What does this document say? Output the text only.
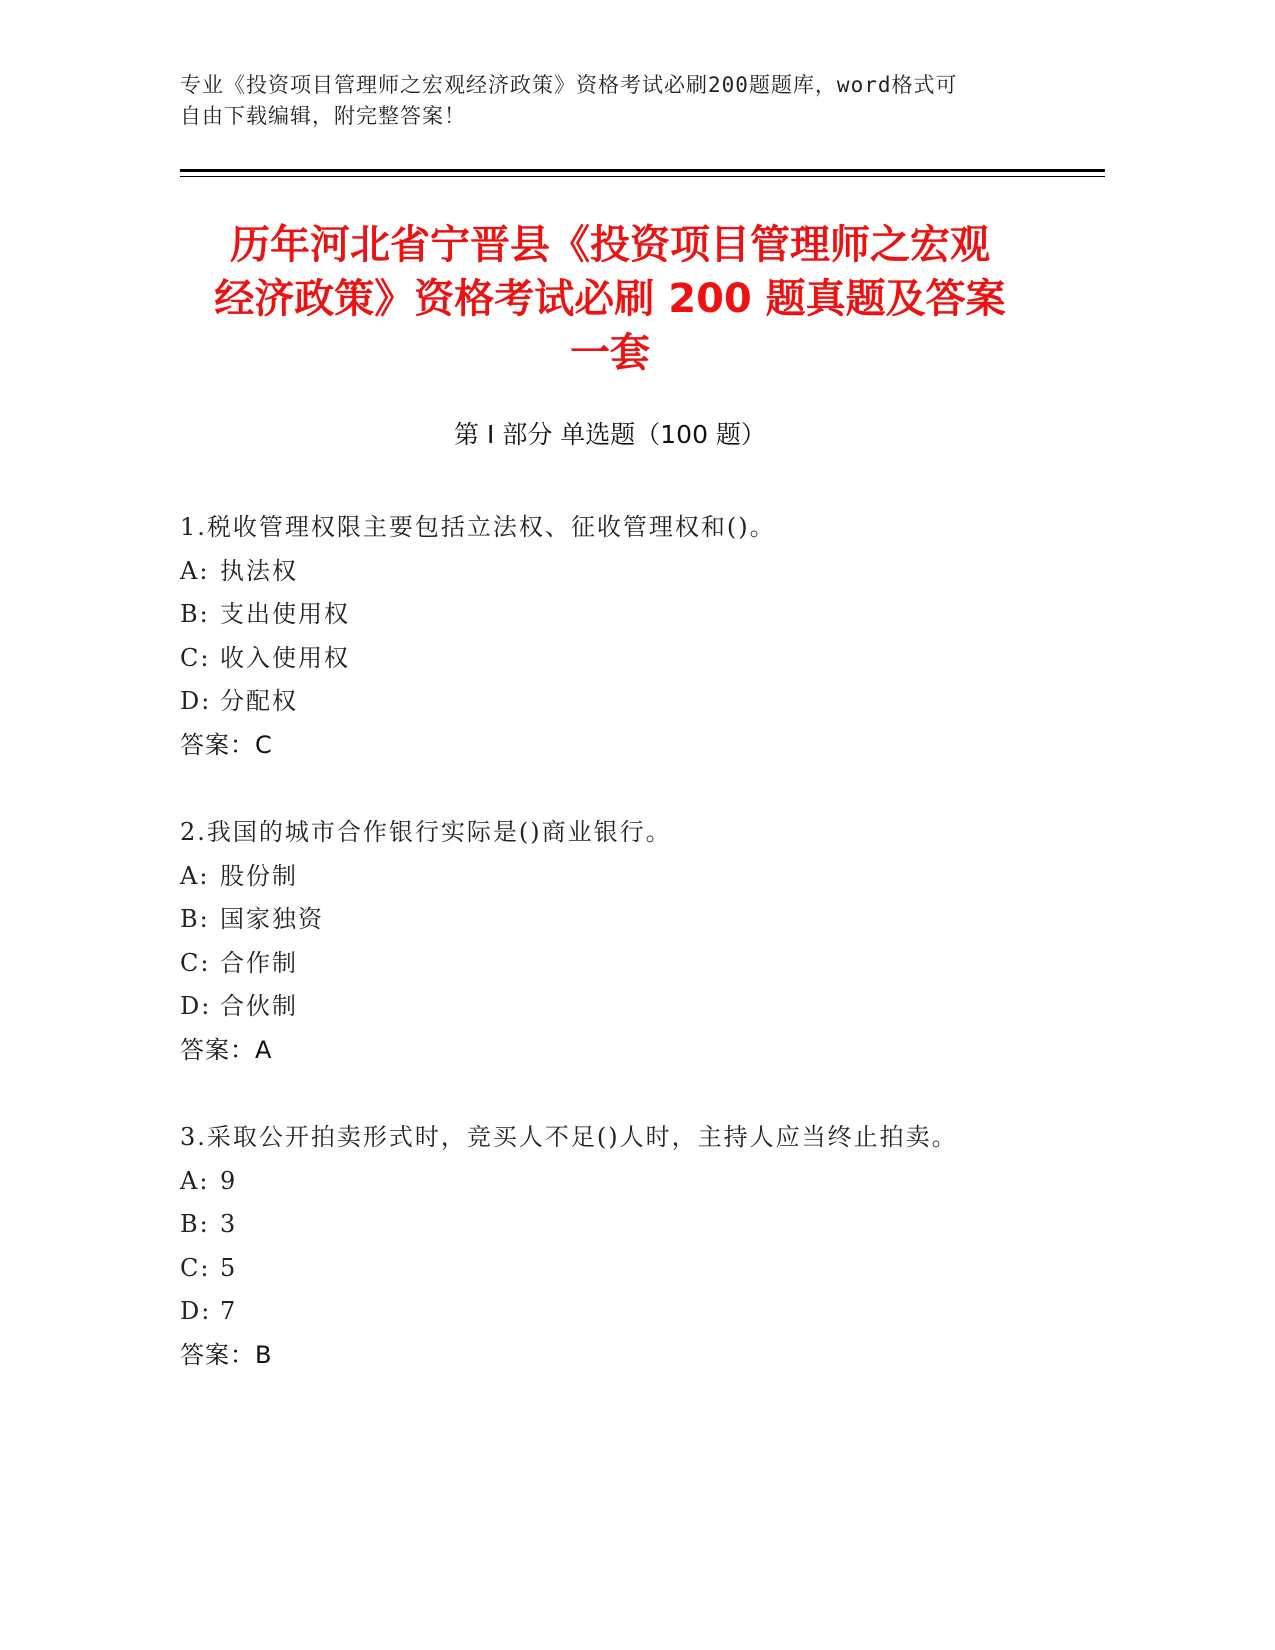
专业《投资项目管理师之宏观经济政策》资格考试必刷200题题库，word格式可
自由下载编辑，附完整答案！
历年河北省宁晋县《投资项目管理师之宏观
经济政策》资格考试必刷 200 题真题及答案
一套
第 I 部分 单选题（100 题）
1.税收管理权限主要包括立法权、征收管理权和()。
A: 执法权
B: 支出使用权
C: 收入使用权
D: 分配权
答案：C
2.我国的城市合作银行实际是()商业银行。
A: 股份制
B: 国家独资
C: 合作制
D: 合伙制
答案：A
3.采取公开拍卖形式时，竞买人不足()人时，主持人应当终止拍卖。
A: 9
B: 3
C: 5
D: 7
答案：B
